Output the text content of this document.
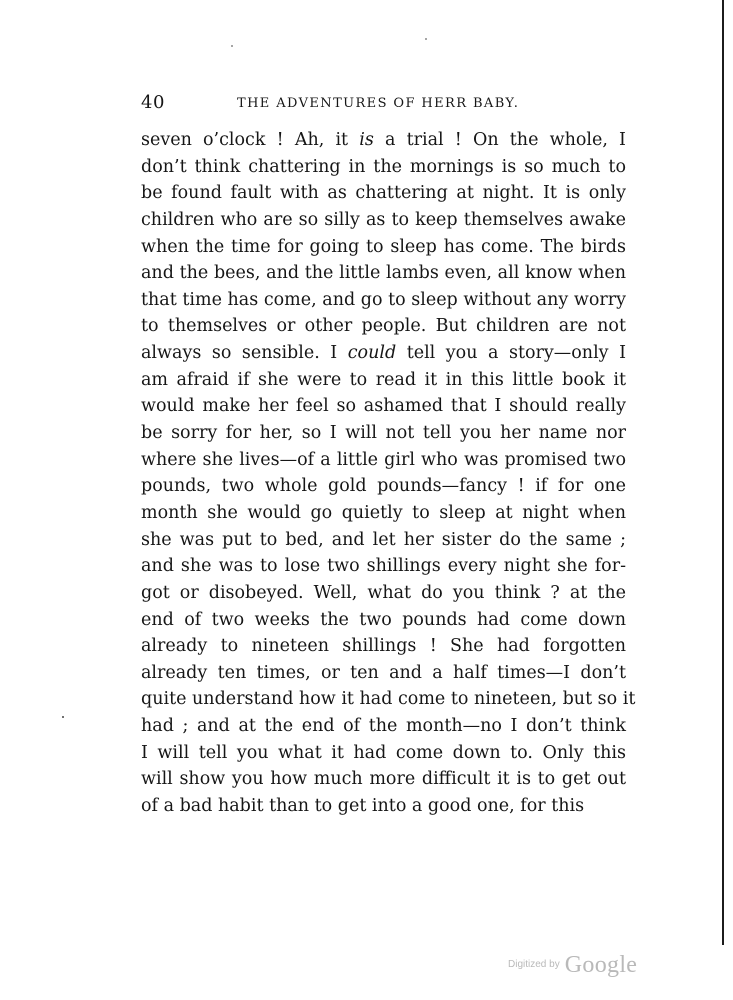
40	THE ADVENTURES OF HERR BABY.
seven o’clock ! Ah, it is a trial ! On the whole, I
don’t think chattering in the mornings is so much to
be found fault with as chattering at night. It is only
children who are so silly as to keep themselves awake
when the time for going to sleep has come. The birds
and the bees, and the little lambs even, all know when
that time has come, and go to sleep without any worry
to themselves or other people. But children are not
always so sensible. I could tell you a story—only I
am afraid if she were to read it in this little book it
would make her feel so ashamed that I should really
be sorry for her, so I will not tell you her name nor
where she lives—of a little girl who was promised two
pounds, two whole gold pounds—fancy ! if for one
month she would go quietly to sleep at night when
she was put to bed, and let her sister do the same ;
and she was to lose two shillings every night she for-
got or disobeyed. Well, what do you think ? at the
end of two weeks the two pounds had come down
already to nineteen shillings ! She had forgotten
already ten times, or ten and a half times—I don’t
quite understand how it had come to nineteen, but so it
had ; and at the end of the month—no I don’t think
I will tell you what it had come down to. Only this
will show you how much more difficult it is to get out
of a bad habit than to get into a good one, for this
$^{Digitized by}$ Google
